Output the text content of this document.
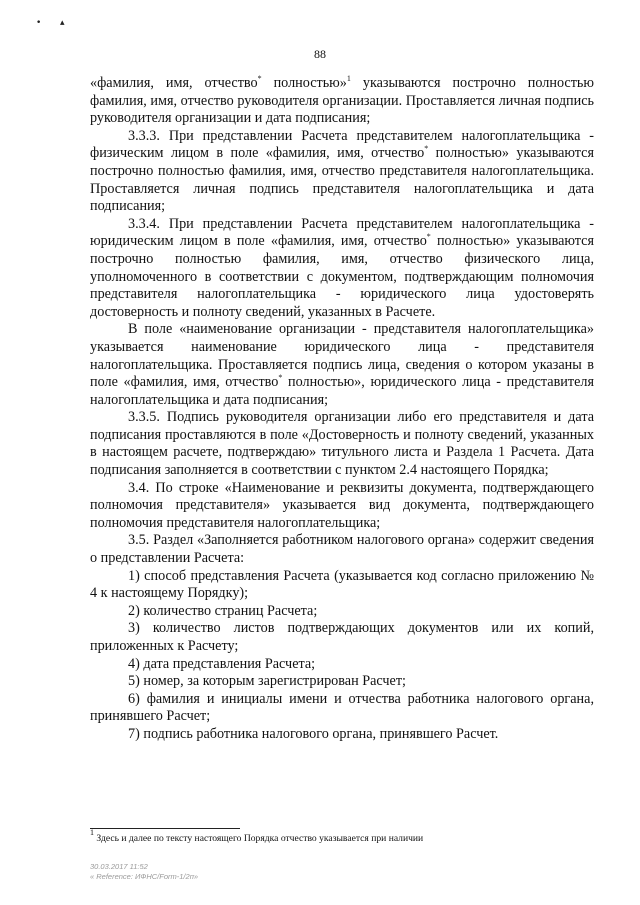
• ▴
88

«фамилия, имя, отчество* полностью»$^1$ указываются построчно полностью фамилия, имя, отчество руководителя организации. Проставляется личная подпись руководителя организации и дата подписания;

3.3.3. При представлении Расчета представителем налогоплательщика - физическим лицом в поле «фамилия, имя, отчество* полностью» указываются построчно полностью фамилия, имя, отчество представителя налогоплательщика. Проставляется личная подпись представителя налогоплательщика и дата подписания;

3.3.4. При представлении Расчета представителем налогоплательщика - юридическим лицом в поле «фамилия, имя, отчество* полностью» указываются построчно полностью фамилия, имя, отчество физического лица, уполномоченного в соответствии с документом, подтверждающим полномочия представителя налогоплательщика - юридического лица удостоверять достоверность и полноту сведений, указанных в Расчете.

В поле «наименование организации - представителя налогоплательщика» указывается наименование юридического лица - представителя налогоплательщика. Проставляется подпись лица, сведения о котором указаны в поле «фамилия, имя, отчество* полностью», юридического лица - представителя налогоплательщика и дата подписания;

3.3.5. Подпись руководителя организации либо его представителя и дата подписания проставляются в поле «Достоверность и полноту сведений, указанных в настоящем расчете, подтверждаю» титульного листа и Раздела 1 Расчета. Дата подписания заполняется в соответствии с пунктом 2.4 настоящего Порядка;

3.4. По строке «Наименование и реквизиты документа, подтверждающего полномочия представителя» указывается вид документа, подтверждающего полномочия представителя налогоплательщика;

3.5. Раздел «Заполняется работником налогового органа» содержит сведения о представлении Расчета:

1) способ представления Расчета (указывается код согласно приложению № 4 к настоящему Порядку);

2) количество страниц Расчета;

3) количество листов подтверждающих документов или их копий, приложенных к Расчету;

4) дата представления Расчета;

5) номер, за которым зарегистрирован Расчет;

6) фамилия и инициалы имени и отчества работника налогового органа, принявшего Расчет;

7) подпись работника налогового органа, принявшего Расчет.

$^1$ Здесь и далее по тексту настоящего Порядка отчество указывается при наличии
30.03.2017 11:52
« Reference: ИФНС/Form-1/2п»
